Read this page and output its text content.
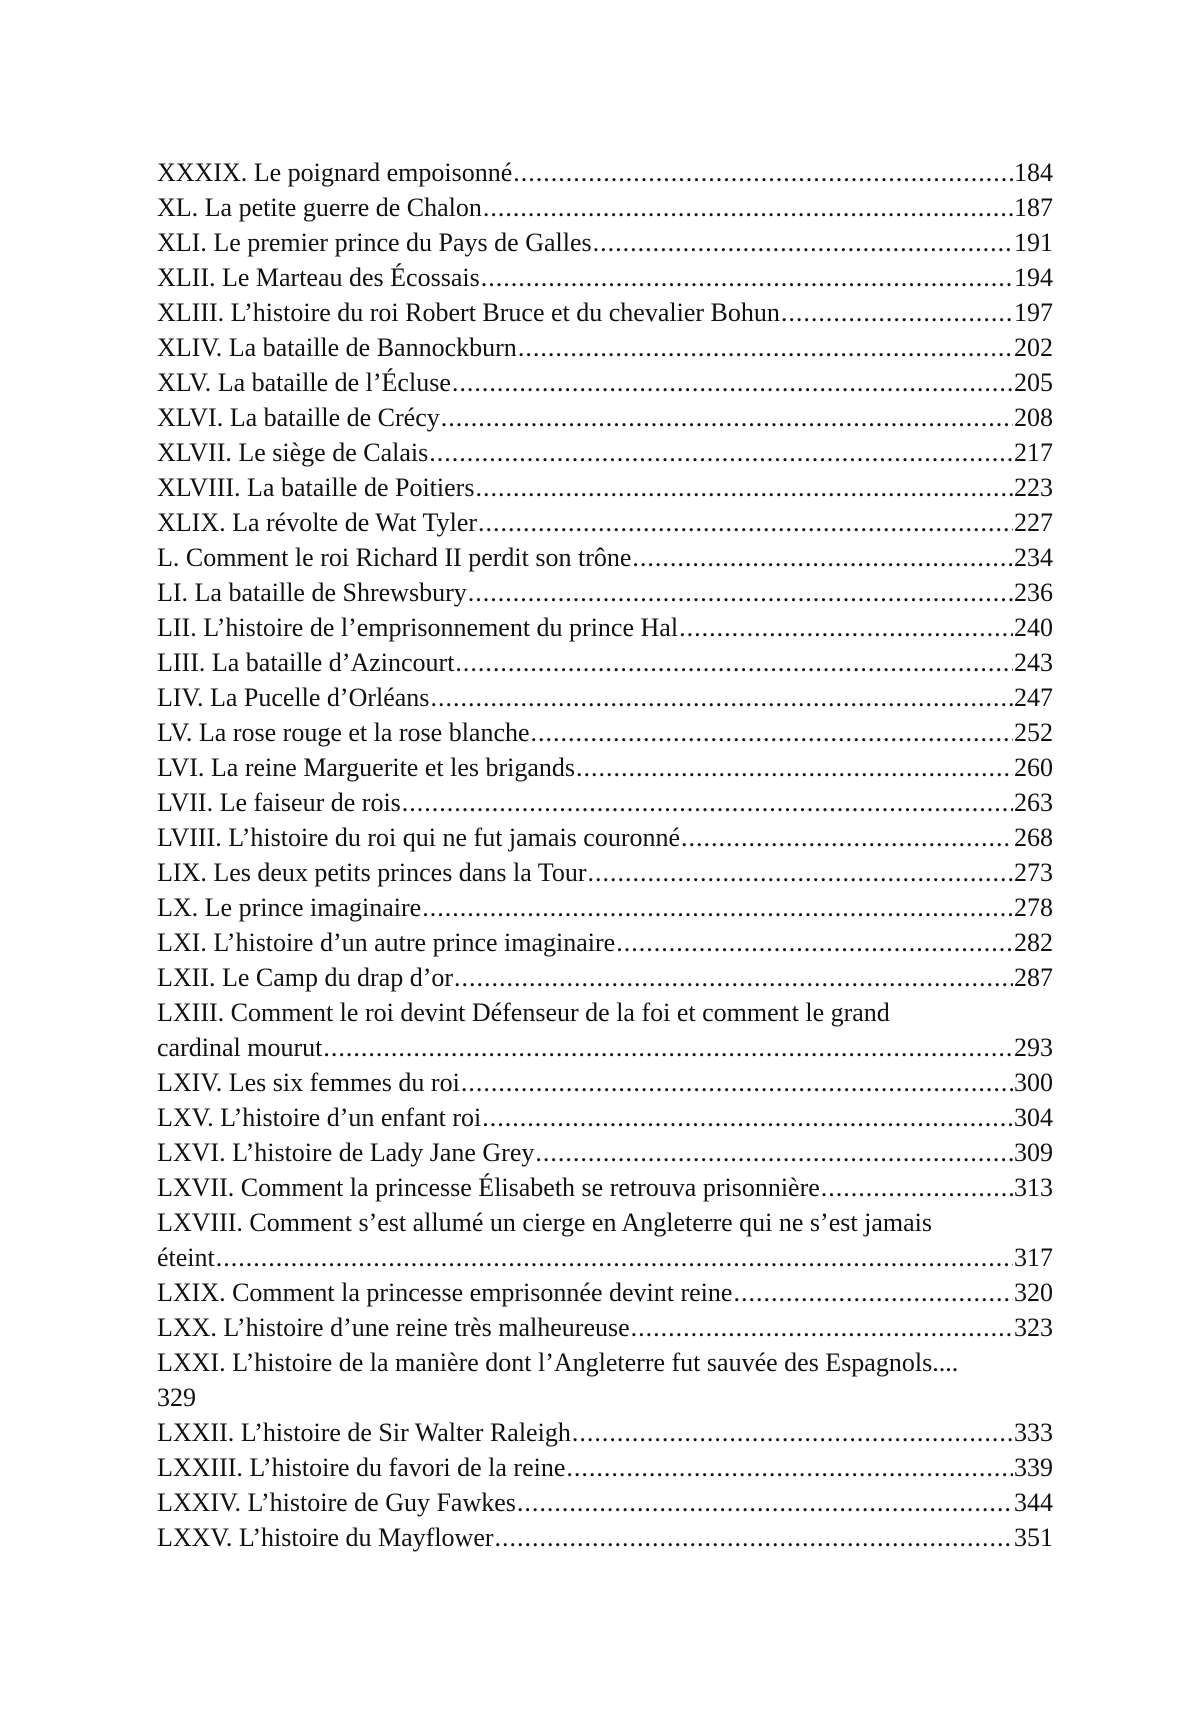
XXXIX. Le poignard empoisonné .....	184
XL. La petite guerre de Chalon .....	187
XLI. Le premier prince du Pays de Galles .....	191
XLII. Le Marteau des Écossais .....	194
XLIII. L’histoire du roi Robert Bruce et du chevalier Bohun .....	197
XLIV. La bataille de Bannockburn .....	202
XLV. La bataille de l’Écluse .....	205
XLVI. La bataille de Crécy .....	208
XLVII. Le siège de Calais .....	217
XLVIII. La bataille de Poitiers .....	223
XLIX. La révolte de Wat Tyler .....	227
L. Comment le roi Richard II perdit son trône .....	234
LI. La bataille de Shrewsbury .....	236
LII. L’histoire de l’emprisonnement du prince Hal .....	240
LIII. La bataille d’Azincourt .....	243
LIV. La Pucelle d’Orléans .....	247
LV. La rose rouge et la rose blanche .....	252
LVI. La reine Marguerite et les brigands .....	260
LVII. Le faiseur de rois .....	263
LVIII. L’histoire du roi qui ne fut jamais couronné .....	268
LIX. Les deux petits princes dans la Tour .....	273
LX. Le prince imaginaire .....	278
LXI. L’histoire d’un autre prince imaginaire .....	282
LXII. Le Camp du drap d’or .....	287
LXIII. Comment le roi devint Défenseur de la foi et comment le grand
cardinal mourut .....	293
LXIV. Les six femmes du roi .....	300
LXV. L’histoire d’un enfant roi .....	304
LXVI. L’histoire de Lady Jane Grey .....	309
LXVII. Comment la princesse Élisabeth se retrouva prisonnière .....	313
LXVIII. Comment s’est allumé un cierge en Angleterre qui ne s’est jamais
éteint .....	317
LXIX. Comment la princesse emprisonnée devint reine .....	320
LXX. L’histoire d’une reine très malheureuse .....	323
LXXI. L’histoire de la manière dont l’Angleterre fut sauvée des Espagnols....
329
LXXII. L’histoire de Sir Walter Raleigh .....	333
LXXIII. L’histoire du favori de la reine .....	339
LXXIV. L’histoire de Guy Fawkes .....	344
LXXV. L’histoire du Mayflower .....	351
